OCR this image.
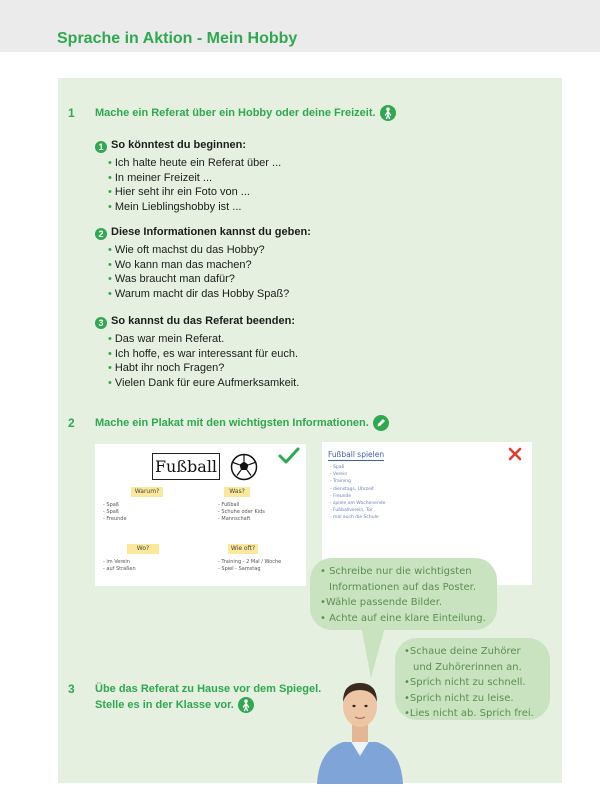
Sprache in Aktion - Mein Hobby
1 Mache ein Referat über ein Hobby oder deine Freizeit.
1 So könntest du beginnen:
• Ich halte heute ein Referat über ...
• In meiner Freizeit ...
• Hier seht ihr ein Foto von ...
• Mein Lieblingshobby ist ...
2 Diese Informationen kannst du geben:
• Wie oft machst du das Hobby?
• Wo kann man das machen?
• Was braucht man dafür?
• Warum macht dir das Hobby Spaß?
3 So kannst du das Referat beenden:
• Das war mein Referat.
• Ich hoffe, es war interessant für euch.
• Habt ihr noch Fragen?
• Vielen Dank für eure Aufmerksamkeit.
2 Mache ein Plakat mit den wichtigsten Informationen.
Fußball
Warum?
- Spaß
- Spaß
- Freunde
Was?
- Fußball
- Schuhe oder Kids
- Mannschaft
Wo?
- im Verein
- auf Straßen
Wie oft?
- Training - 2 Mal / Woche
- Spiel - Samstag
Fußball spielen
- Spaß
- Verein
- Training
- dienstags, Uhrzeit
- Freunde
- spiele am Wochenende
- Fußballverein, Tor
- mal auch die Schule
• Schreibe nur die wichtigsten
Informationen auf das Poster.
•Wähle passende Bilder.
• Achte auf eine klare Einteilung.
•Schaue deine Zuhörer
und Zuhörerinnen an.
•Sprich nicht zu schnell.
•Sprich nicht zu leise.
•Lies nicht ab. Sprich frei.
3 Übe das Referat zu Hause vor dem Spiegel.
Stelle es in der Klasse vor.
